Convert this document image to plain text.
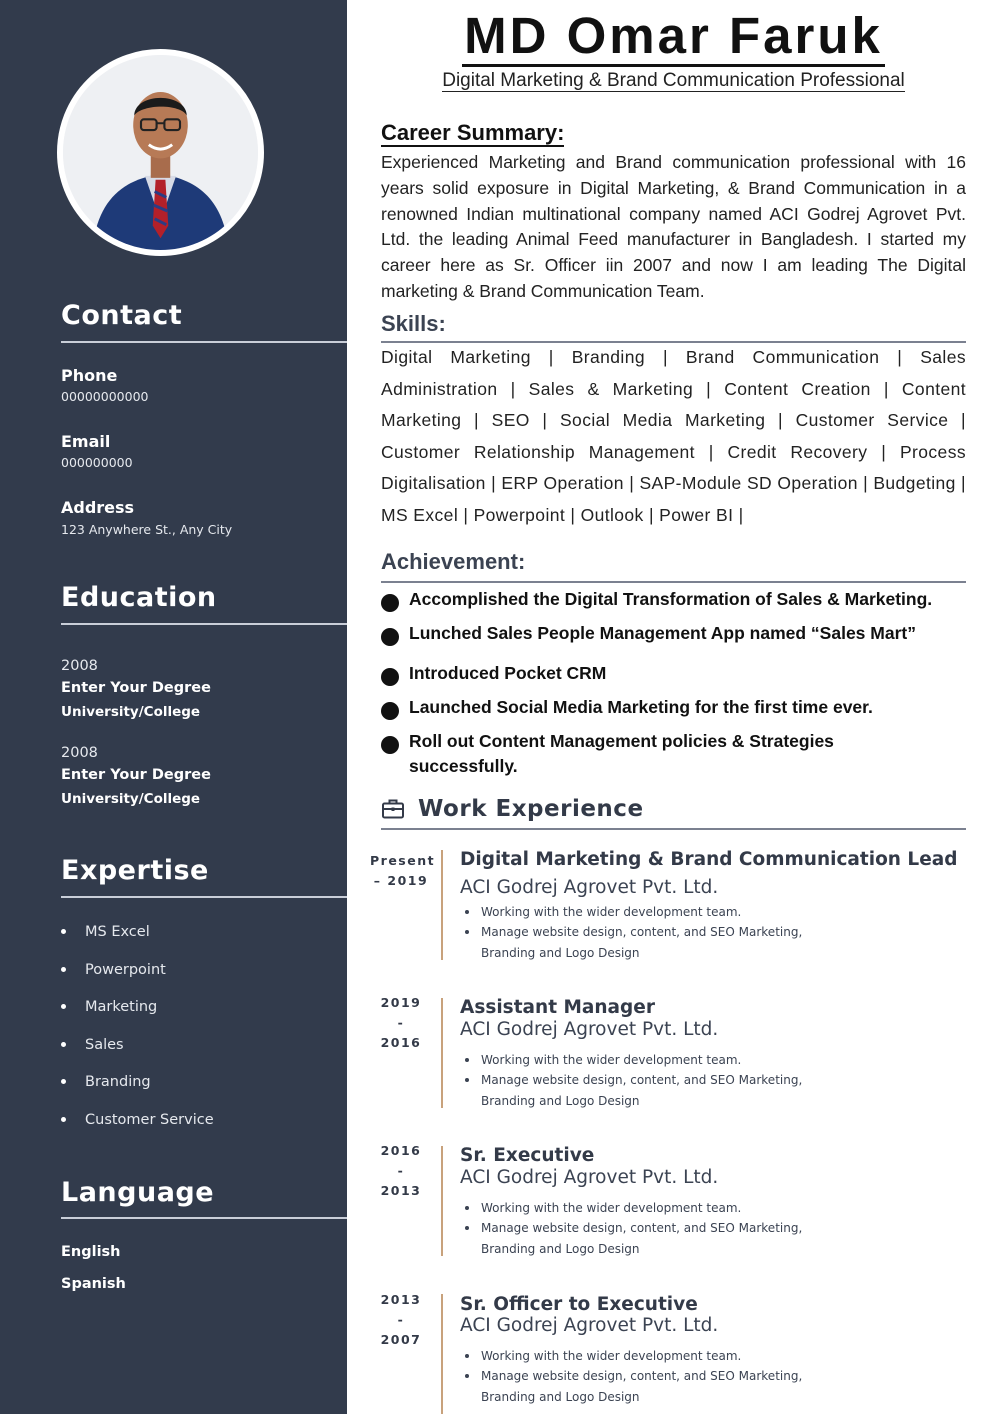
Contact
Phone
00000000000
Email
000000000
Address
123 Anywhere St., Any City
Education
2008
Enter Your Degree
University/College
2008
Enter Your Degree
University/College
Expertise
MS Excel
Powerpoint
Marketing
Sales
Branding
Customer Service
Language
English
Spanish
MD Omar Faruk
Digital Marketing & Brand Communication Professional
Career Summary:

Experienced Marketing and Brand communication professional with 16 years solid exposure in Digital Marketing, & Brand Communication in a renowned Indian multinational company named ACI Godrej Agrovet Pvt. Ltd. the leading Animal Feed manufacturer in Bangladesh. I started my career here as Sr. Officer iin 2007 and now I am leading The Digital marketing & Brand Communication Team.

Skills:

Digital Marketing | Branding | Brand Communication | Sales Administration | Sales & Marketing | Content Creation | Content Marketing | SEO | Social Media Marketing | Customer Service | Customer Relationship Management | Credit Recovery | Process Digitalisation | ERP Operation | SAP-Module SD Operation | Budgeting | MS Excel | Powerpoint | Outlook | Power BI |

Achievement:
Accomplished the Digital Transformation of Sales & Marketing.
Lunched Sales People Management App named “Sales Mart”
Introduced Pocket CRM
Launched Social Media Marketing for the first time ever.
Roll out Content Management policies & Strategies successfully.
Work Experience
Present
– 2019
Digital Marketing & Brand Communication Lead
ACI Godrej Agrovet Pvt. Ltd.
Working with the wider development team.
Manage website design, content, and SEO Marketing, Branding and Logo Design
2019
-
2016
Assistant Manager
ACI Godrej Agrovet Pvt. Ltd.
Working with the wider development team.
Manage website design, content, and SEO Marketing, Branding and Logo Design
2016
-
2013
Sr. Executive
ACI Godrej Agrovet Pvt. Ltd.
Working with the wider development team.
Manage website design, content, and SEO Marketing, Branding and Logo Design
2013
-
2007
Sr. Officer to Executive
ACI Godrej Agrovet Pvt. Ltd.
Working with the wider development team.
Manage website design, content, and SEO Marketing, Branding and Logo Design
